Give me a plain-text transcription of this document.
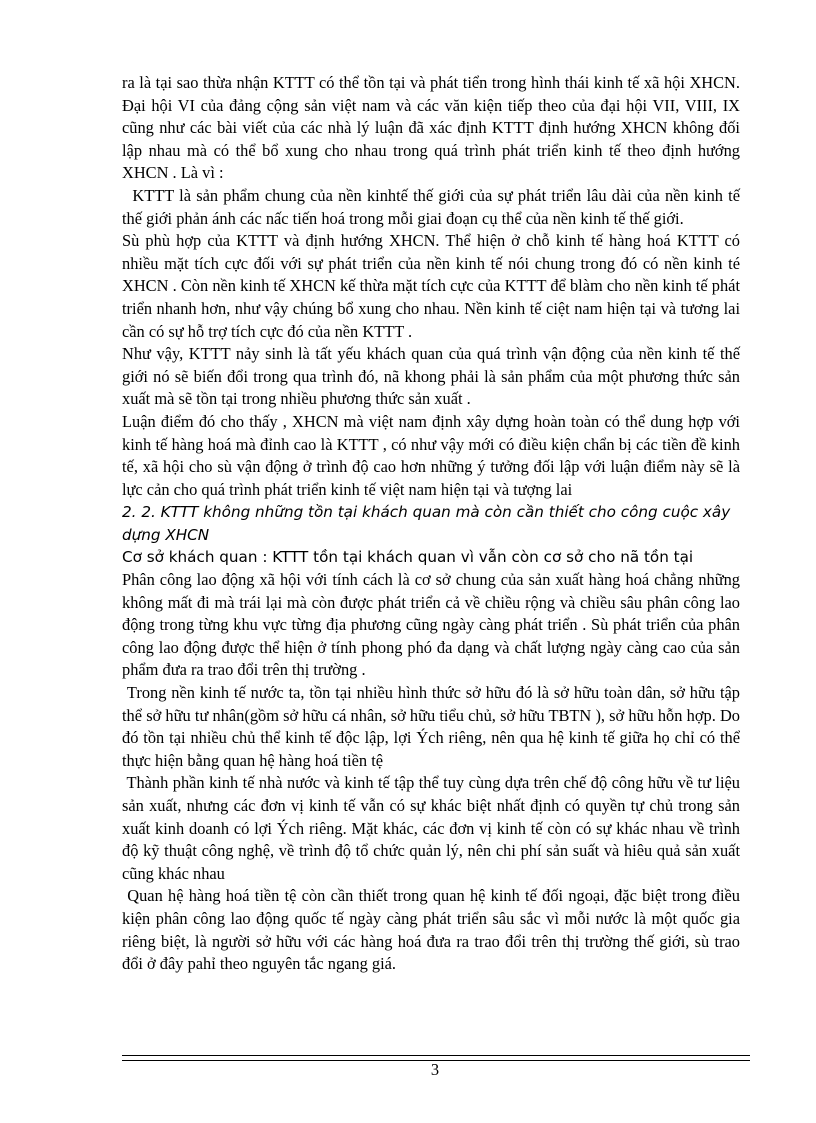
ra là tại sao thừa nhận KTTT có thể tồn tại và phát tiển trong hình thái kinh tế xã hội XHCN. Đại hội VI của đảng cộng sản việt nam và các văn kiện tiếp theo của đại hội VII, VIII, IX cũng như các bài viết của các nhà lý luận đã xác định KTTT định hướng XHCN không đối lập nhau mà có thể bổ xung cho nhau trong quá trình phát triển kinh tế theo định hướng XHCN . Là vì :

KTTT là sản phẩm chung của nền kinhtế thế giới của sự phát triển lâu dài của nền kinh tế thế giới phản ánh các nấc tiến hoá trong mỗi giai đoạn cụ thể của nền kinh tế thế giới.

Sù phù hợp của KTTT và định hướng XHCN. Thể hiện ở chỗ kinh tế hàng hoá KTTT có nhiều mặt tích cực đối với sự phát triển của nền kinh tế nói chung trong đó có nền kinh té XHCN . Còn nền kinh tế XHCN kế thừa mặt tích cực của KTTT để blàm cho nền kinh tế phát triển nhanh hơn, như vậy chúng bổ xung cho nhau. Nền kinh tế ciệt nam hiện tại và tương lai cần có sự hỗ trợ tích cực đó của nền KTTT .

Như vậy, KTTT nảy sinh là tất yếu khách quan của quá trình vận động của nền kinh tế thế giới nó sẽ biến đổi trong qua trình đó, nã khong phải là sản phẩm của một phương thức sản xuất mà sẽ tồn tại trong nhiều phương thức sản xuất .

Luận điểm đó cho thấy , XHCN mà việt nam định xây dựng hoàn toàn có thể dung hợp với kinh tế hàng hoá mà đỉnh cao là KTTT , có như vậy mới có điều kiện chẩn bị các tiền đề kinh tế, xã hội cho sù vận động ở trình độ cao hơn những ý tưởng đối lập với luận điểm này sẽ là lực cản cho quá trình phát triển kinh tế việt nam hiện tại và tượng lai

2. 2. KTTT không những tồn tại khách quan mà còn cần thiết cho công cuộc xây dựng XHCN

Cơ sở khách quan : KTTT tồn tại khách quan vì vẫn còn cơ sở cho nã tồn tại

Phân công lao động xã hội với tính cách là cơ sở chung của sản xuất hàng hoá chẳng những không mất đi mà trái lại mà còn được phát triển cả về chiều rộng và chiều sâu phân công lao động trong từng khu vực từng địa phương cũng ngày càng phát triển . Sù phát triển của phân công lao động được thể hiện ở tính phong phó đa dạng và chất lượng ngày càng cao của sản phẩm đưa ra trao đổi trên thị trường .

Trong nền kinh tế nước ta, tồn tại nhiều hình thức sở hữu đó là sở hữu toàn dân, sở hữu tập thể sở hữu tư nhân(gồm sở hữu cá nhân, sở hữu tiểu chủ, sở hữu TBTN ), sở hữu hỗn hợp. Do đó tồn tại nhiều chủ thể kinh tế độc lập, lợi Ých riêng, nên qua hệ kinh tế giữa họ chỉ có thể thực hiện bằng quan hệ hàng hoá tiền tệ

Thành phần kinh tế nhà nước và kinh tế tập thể tuy cùng dựa trên chế độ công hữu về tư liệu sản xuất, nhưng các đơn vị kinh tế vẫn có sự khác biệt nhất định có quyền tự chủ trong sản xuất kinh doanh có lợi Ých riêng. Mặt khác, các đơn vị kinh tế còn có sự khác nhau về trình độ kỹ thuật công nghệ, về trình độ tổ chức quản lý, nên chi phí sản suất và hiêu quả sản xuất cũng khác nhau

Quan hệ hàng hoá tiền tệ còn cần thiết trong quan hệ kinh tế đối ngoại, đặc biệt trong điều kiện phân công lao động quốc tế ngày càng phát triển sâu sắc vì mỗi nước là một quốc gia riêng biệt, là người sở hữu với các hàng hoá đưa ra trao đổi trên thị trường thế giới, sù trao đổi ở đây pahỉ theo nguyên tắc ngang giá.

3
